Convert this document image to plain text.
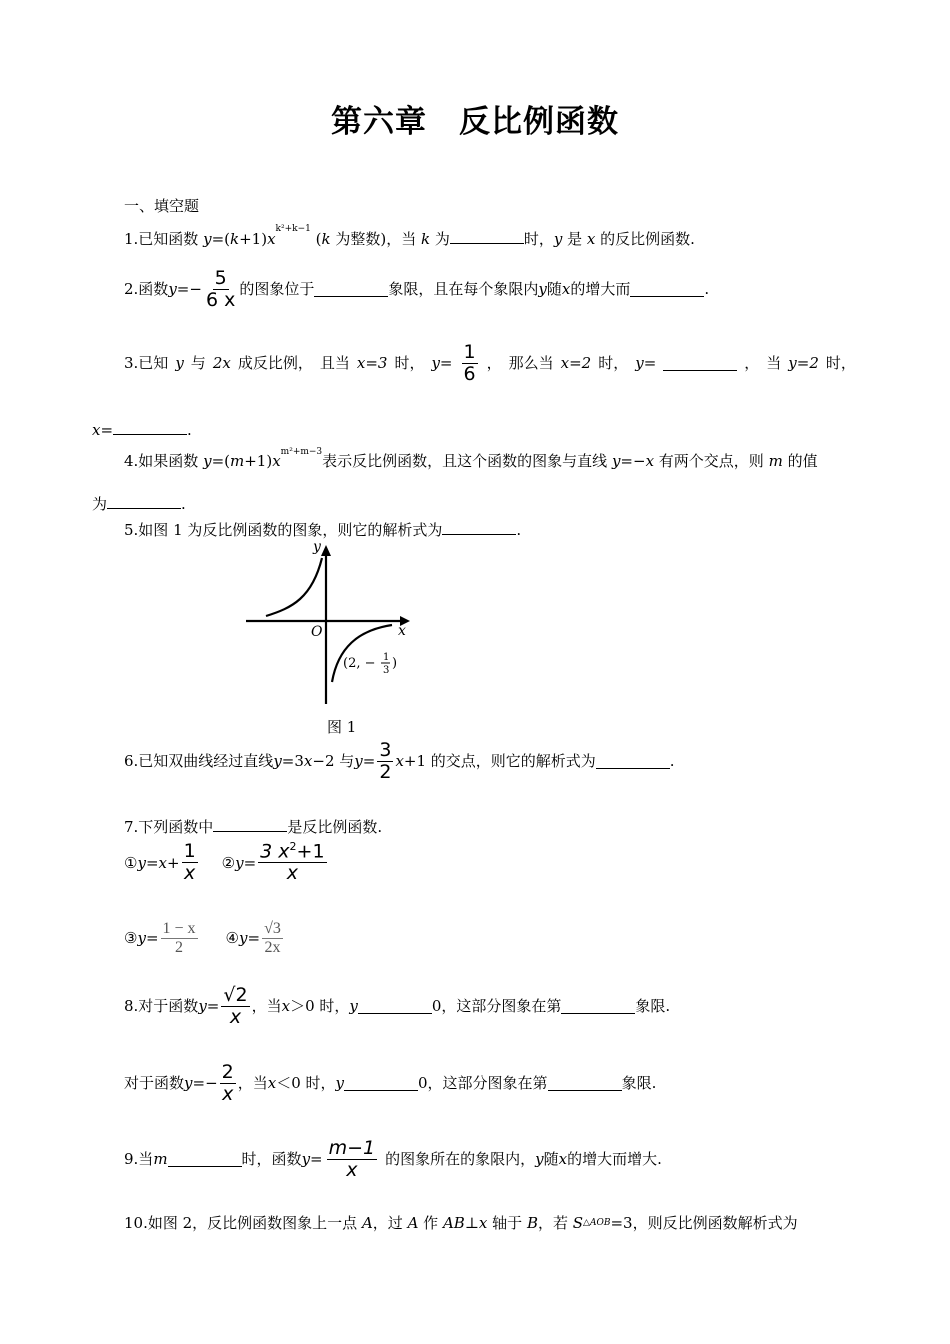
第六章　反比例函数
一、填空题
1.已知函数 $y=(k+1)x^{k^2+k-1}$ (k 为整数)，当 k 为	时，y 是 x 的反比例函数.
2.函数 $y =- \frac{5}{6 x}$ 的图象位于	象限，且在每个象限内 y 随 x 的增大而	.
3.已知 y 与 2x 成反比例， 且当 x=3 时， $y= \frac{1}{6}$ ， 那么当 x=2 时， y=	， 当 y=2 时，
x=	.
4.如果函数 $y=(m+1)x^{m^2+m-3}$表示反比例函数，且这个函数的图象与直线 y=−x 有两个交点，则 m 的值
为	.
5.如图 1 为反比例函数的图象，则它的解析式为	.
y
x
O
(2, − 1
3 )
图 1
6.已知双曲线经过直线 y =3 x −2 与 $y = \frac{3}{2}$ x +1 的交点，则它的解析式为	.
7.下列函数中	是反比例函数.
① $y = x + \frac{1}{x}$ ② $y = \frac{3 x^2+1}{x}$
③ $y = \frac{1 - x}{2}$ ④ $y = \frac{√3}{2x}$
8.对于函数 $y = \frac{√2}{x}$ ，当 x ＞0 时， y	0，这部分图象在第	象限.
对于函数 $y =- \frac{2}{x}$ ，当 x ＜0 时， y	0，这部分图象在第	象限.
9.当 m	时，函数 $y = \frac{m-1}{x}$ 的图象所在的象限内， y 随 x 的增大而增大.
10.如图 2，反比例函数图象上一点 A，过 A 作 AB⊥x 轴于 B，若 S△AOB=3，则反比例函数解析式为
